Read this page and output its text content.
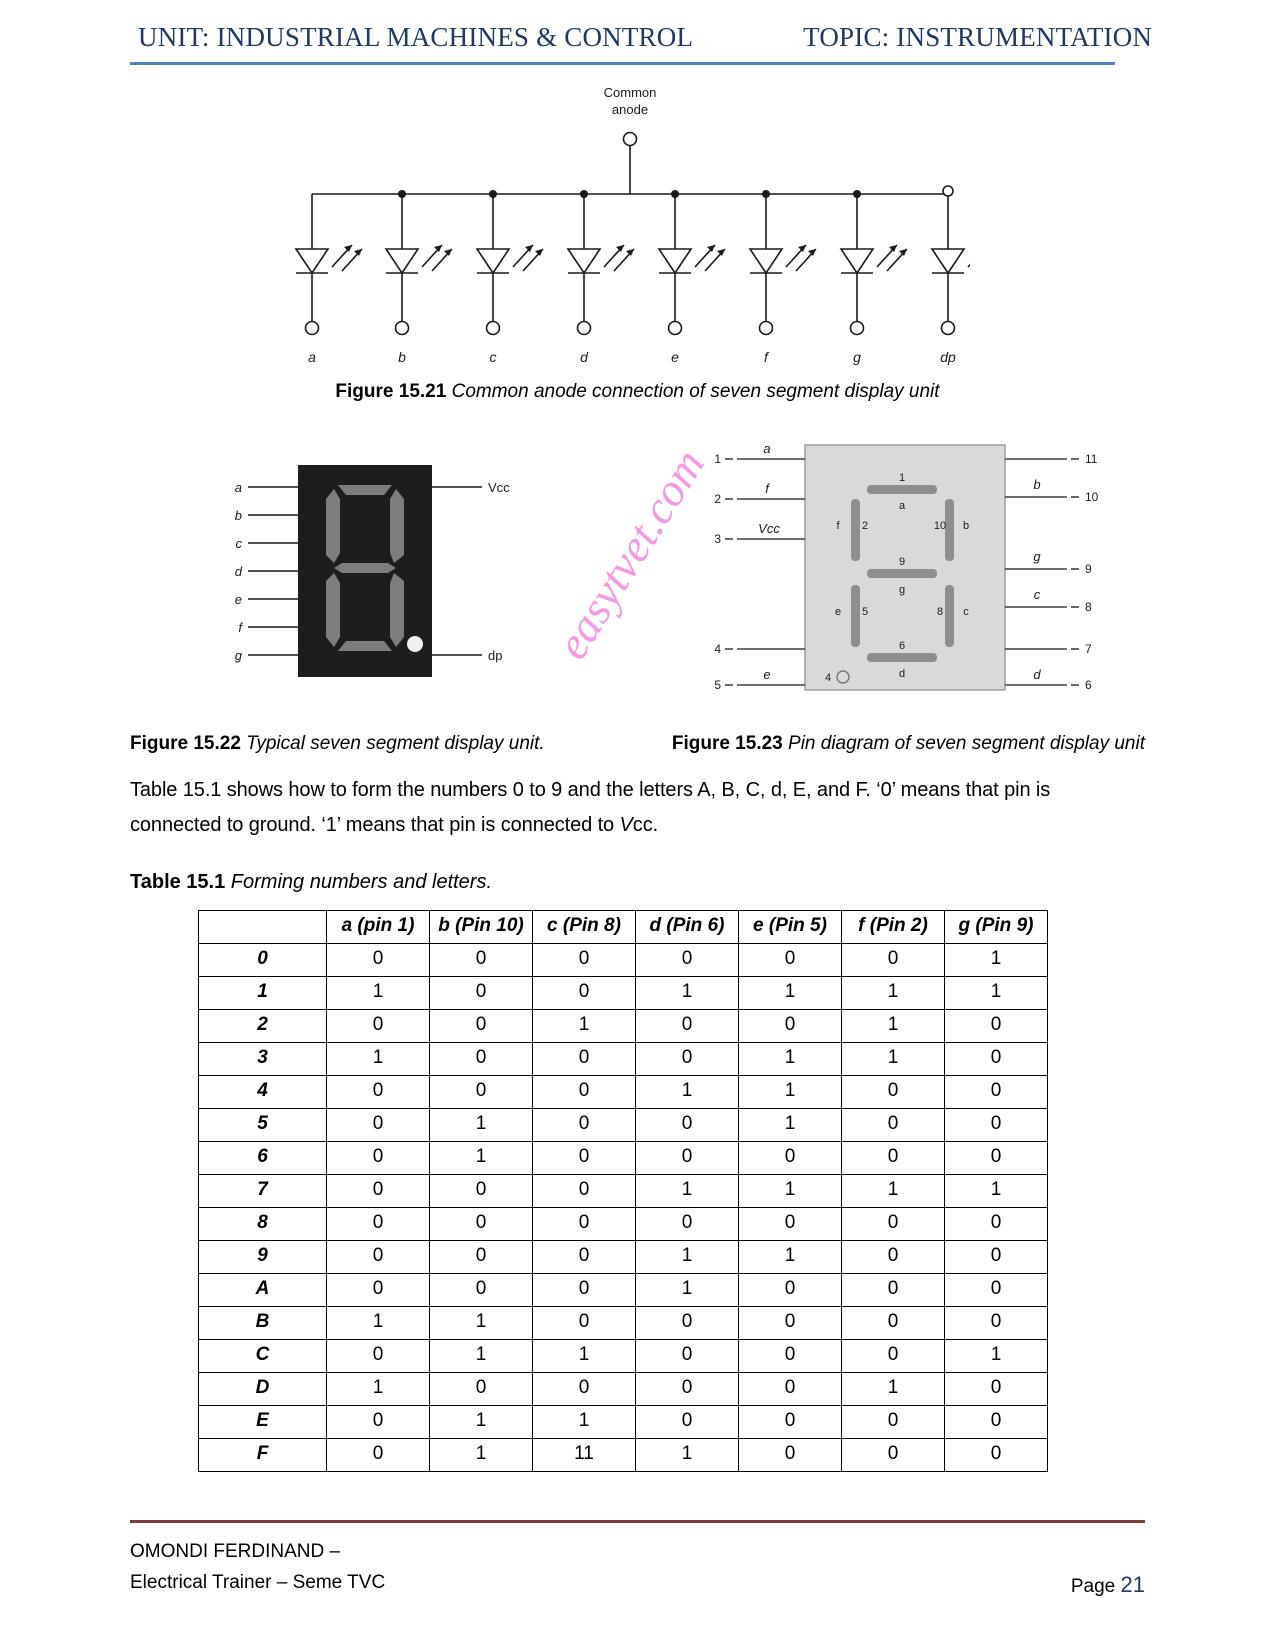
UNIT: INDUSTRIAL MACHINES & CONTROL	TOPIC: INSTRUMENTATION
Common
anode
a	b	c	d	e	f	g	dp
Figure 15.21 Common anode connection of seven segment display unit
a
b
c
d
e
f
g
Vcc
dp
1
2
3
4
5
a
f
Vcc
e
11
10
9
8
7
6
b
g
c
d
1
a
2
f	10 b
9
g
5
e	8 c
6
d
4
Figure 15.22 Typical seven segment display unit.	Figure 15.23 Pin diagram of seven segment display unit
Table 15.1 shows how to form the numbers 0 to 9 and the letters A, B, C, d, E, and F. ‘0’ means that pin is connected to ground. ‘1’ means that pin is connected to Vcc.
Table 15.1 Forming numbers and letters.
	a (pin 1)	b (Pin 10)	c (Pin 8)	d (Pin 6)	e (Pin 5)	f (Pin 2)	g (Pin 9)
0	0	0	0	0	0	0	1
1	1	0	0	1	1	1	1
2	0	0	1	0	0	1	0
3	1	0	0	0	1	1	0
4	0	0	0	1	1	0	0
5	0	1	0	0	1	0	0
6	0	1	0	0	0	0	0
7	0	0	0	1	1	1	1
8	0	0	0	0	0	0	0
9	0	0	0	1	1	0	0
A	0	0	0	1	0	0	0
B	1	1	0	0	0	0	0
C	0	1	1	0	0	0	1
D	1	0	0	0	0	1	0
E	0	1	1	0	0	0	0
F	0	1	11	1	0	0	0
OMONDI FERDINAND –
Electrical Trainer – Seme TVC	Page 21
easytvet.com
